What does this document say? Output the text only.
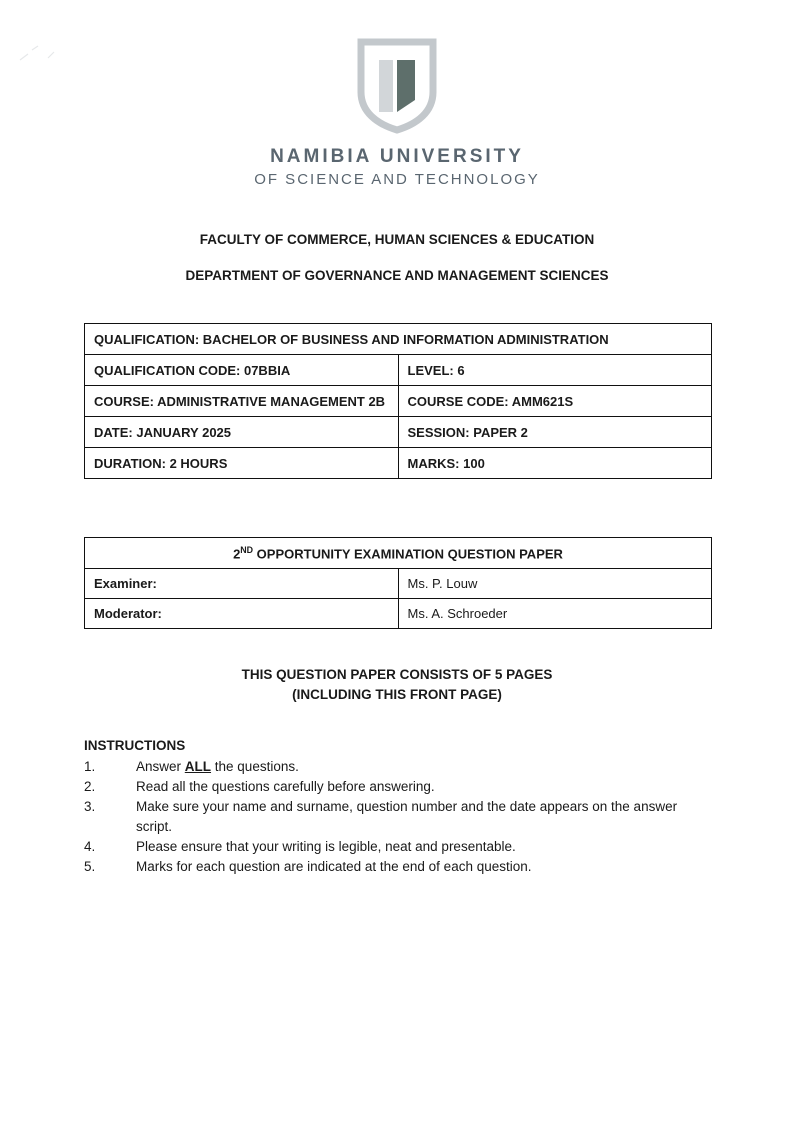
NAMIBIA UNIVERSITY
OF SCIENCE AND TECHNOLOGY
FACULTY OF COMMERCE, HUMAN SCIENCES & EDUCATION
DEPARTMENT OF GOVERNANCE AND MANAGEMENT SCIENCES
QUALIFICATION: BACHELOR OF BUSINESS AND INFORMATION ADMINISTRATION	
QUALIFICATION CODE: 07BBIA	LEVEL: 6
COURSE: ADMINISTRATIVE MANAGEMENT 2B	COURSE CODE: AMM621S
DATE: JANUARY 2025	SESSION: PAPER 2
DURATION: 2 HOURS	MARKS: 100
2ND OPPORTUNITY EXAMINATION QUESTION PAPER	
Examiner:	Ms. P. Louw
Moderator:	Ms. A. Schroeder
THIS QUESTION PAPER CONSISTS OF 5 PAGES
(INCLUDING THIS FRONT PAGE)
INSTRUCTIONS
1.	Answer ALL the questions.
2.	Read all the questions carefully before answering.
3.	Make sure your name and surname, question number and the date appears on the answer script.
4.	Please ensure that your writing is legible, neat and presentable.
5.	Marks for each question are indicated at the end of each question.
